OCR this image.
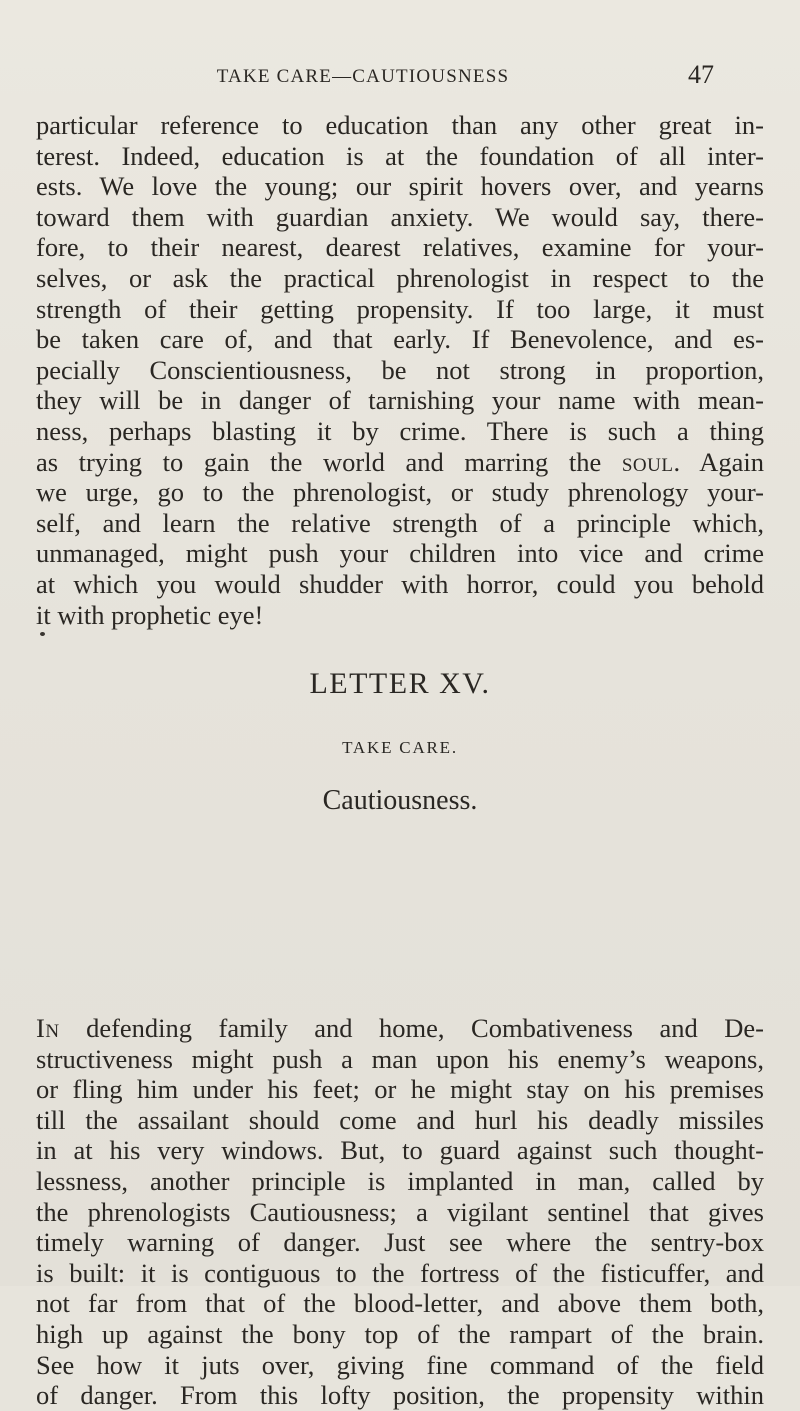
TAKE CARE—CAUTIOUSNESS	47
particular reference to education than any other great in-
terest. Indeed, education is at the foundation of all inter-
ests. We love the young; our spirit hovers over, and yearns
toward them with guardian anxiety. We would say, there-
fore, to their nearest, dearest relatives, examine for your-
selves, or ask the practical phrenologist in respect to the
strength of their getting propensity. If too large, it must
be taken care of, and that early. If Benevolence, and es-
pecially Conscientiousness, be not strong in proportion,
they will be in danger of tarnishing your name with mean-
ness, perhaps blasting it by crime. There is such a thing
as trying to gain the world and marring the soul. Again
we urge, go to the phrenologist, or study phrenology your-
self, and learn the relative strength of a principle which,
unmanaged, might push your children into vice and crime
at which you would shudder with horror, could you behold
it with prophetic eye!
LETTER XV.
TAKE CARE.
Cautiousness.
In defending family and home, Combativeness and De-
structiveness might push a man upon his enemy’s weapons,
or fling him under his feet; or he might stay on his premises
till the assailant should come and hurl his deadly missiles
in at his very windows. But, to guard against such thought-
lessness, another principle is implanted in man, called by
the phrenologists Cautiousness; a vigilant sentinel that gives
timely warning of danger. Just see where the sentry-box
is built: it is contiguous to the fortress of the fisticuffer, and
not far from that of the blood-letter, and above them both,
high up against the bony top of the rampart of the brain.
See how it juts over, giving fine command of the field
of danger. From this lofty position, the propensity within
